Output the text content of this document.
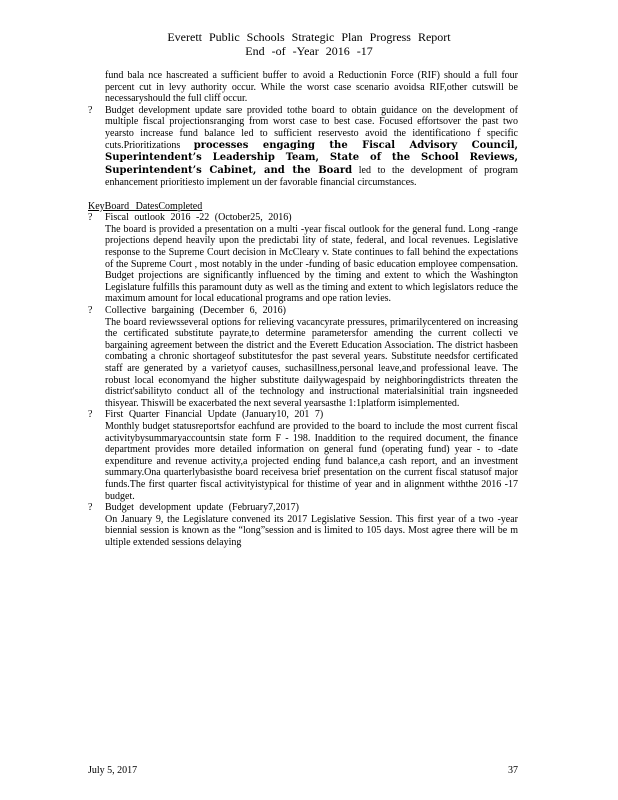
Everett Public Schools Strategic Plan Progress Report
End -of -Year 2016 -17
fund bala nce hascreated a sufficient buffer to avoid a Reductionin Force (RIF) should a full four percent cut in levy authority occur. While the worst case scenario avoidsa RIF,other cutswill be necessaryshould the full cliff occur.
? Budget development update sare provided tothe board to obtain guidance on the development of multiple fiscal projectionsranging from worst case to best case. Focused effortsover the past two yearsto increase fund balance led to sufficient reservesto avoid the identificationo f specific cuts.Prioritizations processes engaging the Fiscal Advisory Council, Superintendent’s Leadership Team, State of the School Reviews, Superintendent’s Cabinet, and the Board led to the development of program enhancement prioritiesto implement un der favorable financial circumstances.
KeyBoard DatesCompleted
? Fiscal outlook 2016 -22 (October25, 2016)
The board is provided a presentation on a multi -year fiscal outlook for the general fund. Long -range projections depend heavily upon the predictabi lity of state, federal, and local revenues. Legislative response to the Supreme Court decision in McCleary v. State continues to fall behind the expectations of the Supreme Court , most notably in the under -funding of basic education employee compensation. Budget projections are significantly influenced by the timing and extent to which the Washington Legislature fulfills this paramount duty as well as the timing and extent to which legislators reduce the maximum amount for local educational programs and ope ration levies.
? Collective bargaining (December 6, 2016)
The board reviewsseveral options for relieving vacancyrate pressures, primarilycentered on increasing the certificated substitute payrate,to determine parametersfor amending the current collecti ve bargaining agreement between the district and the Everett Education Association. The district hasbeen combating a chronic shortageof substitutesfor the past several years. Substitute needsfor certificated staff are generated by a varietyof causes, suchasillness,personal leave,and professional leave. The robust local economyand the higher substitute dailywagespaid by neighboringdistricts threaten the district'sabilityto conduct all of the technology and instructional materialsinitial train ingsneeded thisyear. Thiswill be exacerbated the next several yearsasthe 1:1platform isimplemented.
? First Quarter Financial Update (January10, 201 7)
Monthly budget statusreportsfor eachfund are provided to the board to include the most current fiscal activitybysummaryaccountsin state form F - 198. Inaddition to the required document, the finance department provides more detailed information on general fund (operating fund) year - to -date expenditure and revenue activity,a projected ending fund balance,a cash report, and an investment summary.Ona quarterlybasisthe board receivesa brief presentation on the current fiscal statusof major funds.The first quarter fiscal activityistypical for thistime of year and in alignment withthe 2016 -17 budget.
? Budget development update (February7,2017)
On January 9, the Legislature convened its 2017 Legislative Session. This first year of a two -year biennial session is known as the “long”session and is limited to 105 days. Most agree there will be m ultiple extended sessions delaying
July 5, 2017	37
